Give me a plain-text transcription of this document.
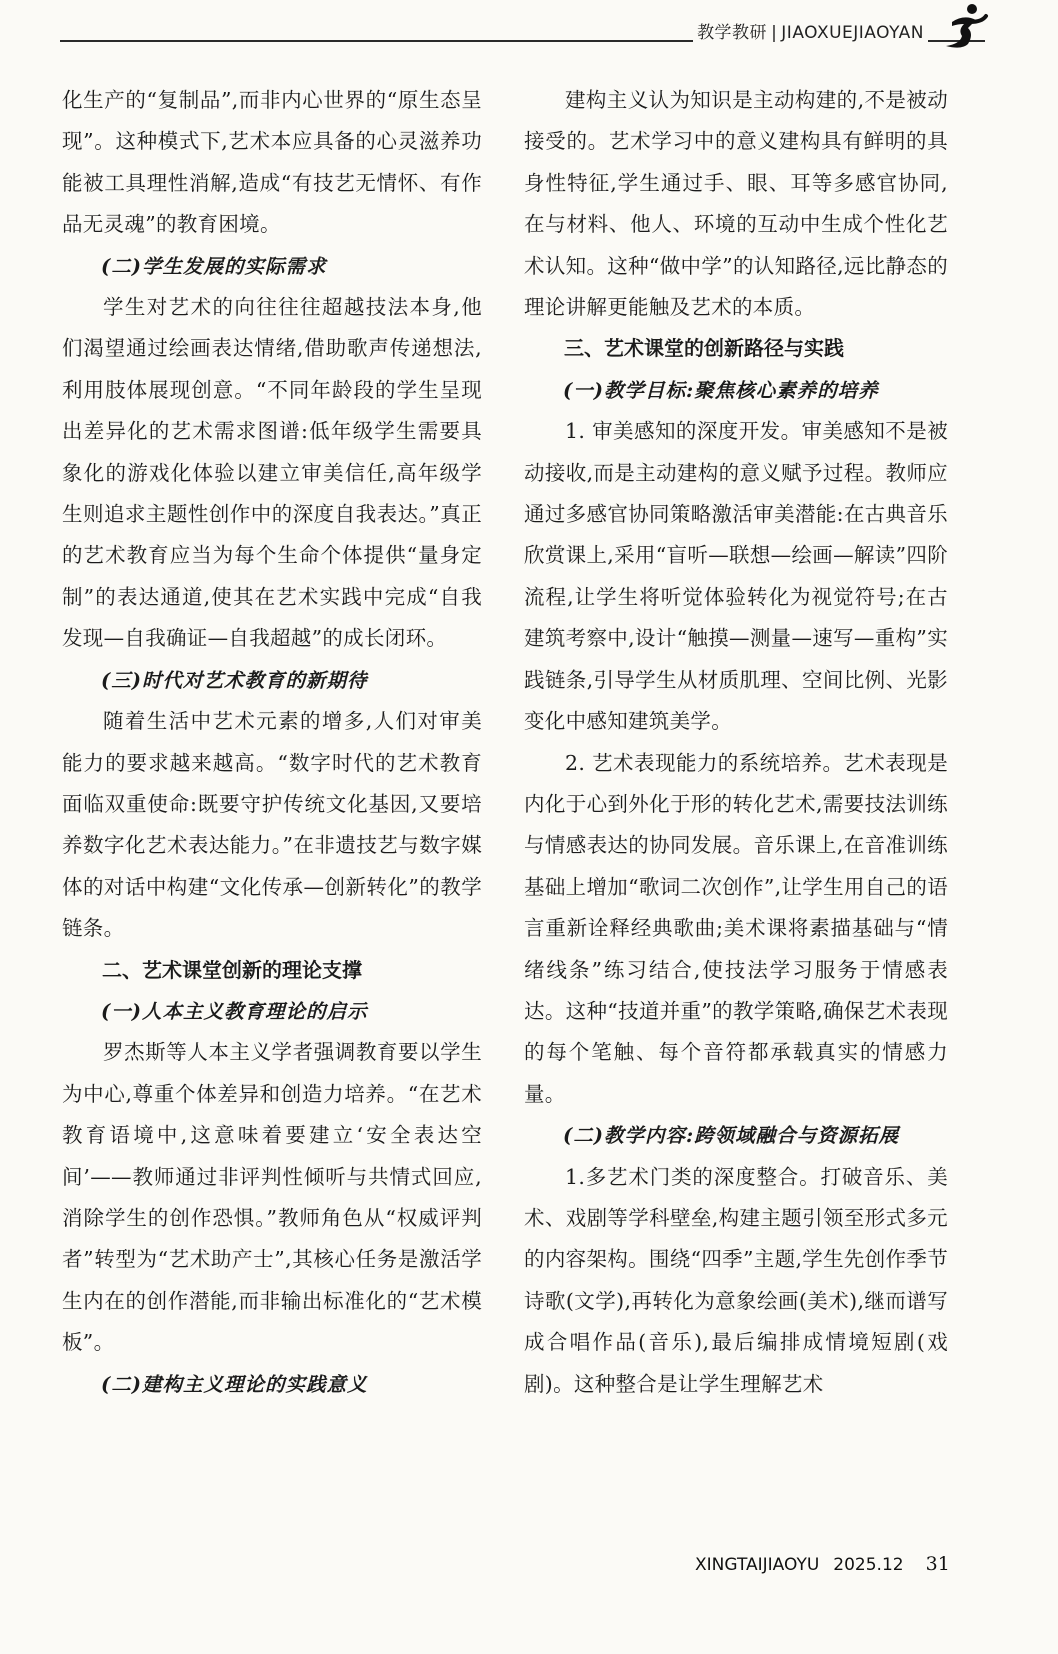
教学教研 | JIAOXUEJIAOYAN

化生产的“复制品”,而非内心世界的“原生态呈现”。这种模式下,艺术本应具备的心灵滋养功能被工具理性消解,造成“有技艺无情怀、有作品无灵魂”的教育困境。

(二)学生发展的实际需求

学生对艺术的向往往往超越技法本身,他们渴望通过绘画表达情绪,借助歌声传递想法,利用肢体展现创意。“不同年龄段的学生呈现出差异化的艺术需求图谱:低年级学生需要具象化的游戏化体验以建立审美信任,高年级学生则追求主题性创作中的深度自我表达。”真正的艺术教育应当为每个生命个体提供“量身定制”的表达通道,使其在艺术实践中完成“自我发现—自我确证—自我超越”的成长闭环。

(三)时代对艺术教育的新期待

随着生活中艺术元素的增多,人们对审美能力的要求越来越高。“数字时代的艺术教育面临双重使命:既要守护传统文化基因,又要培养数字化艺术表达能力。”在非遗技艺与数字媒体的对话中构建“文化传承—创新转化”的教学链条。

二、艺术课堂创新的理论支撑
(一)人本主义教育理论的启示

罗杰斯等人本主义学者强调教育要以学生为中心,尊重个体差异和创造力培养。“在艺术教育语境中,这意味着要建立‘安全表达空间’——教师通过非评判性倾听与共情式回应,消除学生的创作恐惧。”教师角色从“权威评判者”转型为“艺术助产士”,其核心任务是激活学生内在的创作潜能,而非输出标准化的“艺术模板”。

(二)建构主义理论的实践意义

建构主义认为知识是主动构建的,不是被动接受的。艺术学习中的意义建构具有鲜明的具身性特征,学生通过手、眼、耳等多感官协同,在与材料、他人、环境的互动中生成个性化艺术认知。这种“做中学”的认知路径,远比静态的理论讲解更能触及艺术的本质。

三、艺术课堂的创新路径与实践
(一)教学目标:聚焦核心素养的培养

1. 审美感知的深度开发。审美感知不是被动接收,而是主动建构的意义赋予过程。教师应通过多感官协同策略激活审美潜能:在古典音乐欣赏课上,采用“盲听—联想—绘画—解读”四阶流程,让学生将听觉体验转化为视觉符号;在古建筑考察中,设计“触摸—测量—速写—重构”实践链条,引导学生从材质肌理、空间比例、光影变化中感知建筑美学。

2. 艺术表现能力的系统培养。艺术表现是内化于心到外化于形的转化艺术,需要技法训练与情感表达的协同发展。音乐课上,在音准训练基础上增加“歌词二次创作”,让学生用自己的语言重新诠释经典歌曲;美术课将素描基础与“情绪线条”练习结合,使技法学习服务于情感表达。这种“技道并重”的教学策略,确保艺术表现的每个笔触、每个音符都承载真实的情感力量。

(二)教学内容:跨领域融合与资源拓展

1.多艺术门类的深度整合。打破音乐、美术、戏剧等学科壁垒,构建主题引领至形式多元的内容架构。围绕“四季”主题,学生先创作季节诗歌(文学),再转化为意象绘画(美术),继而谱写成合唱作品(音乐),最后编排成情境短剧(戏剧)。这种整合是让学生理解艺术

XINGTAIJIAOYU 2025.12 31
